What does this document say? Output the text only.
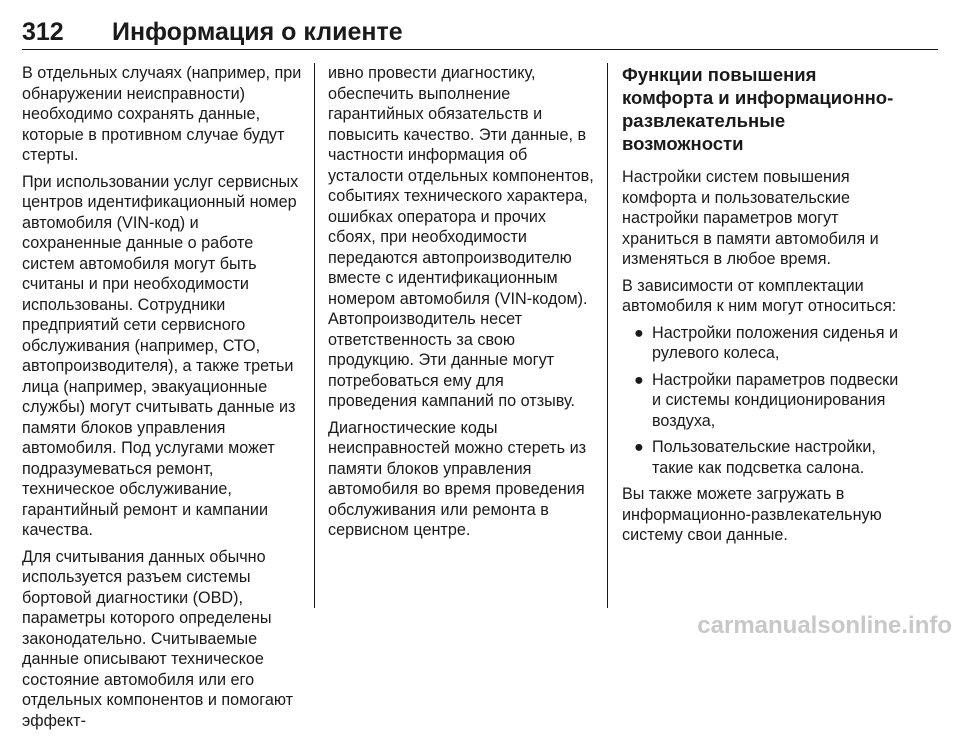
312 Информация о клиенте

В отдельных случаях (например, при обнаружении неисправности) необходимо сохранять данные, которые в противном случае будут стерты.

При использовании услуг сервисных центров идентификационный номер автомобиля (VIN-код) и сохраненные данные о работе систем автомобиля могут быть считаны и при необходимости использованы. Сотрудники предприятий сети сервисного обслуживания (например, СТО, автопроизводителя), а также третьи лица (например, эвакуационные службы) могут считывать данные из памяти блоков управления автомобиля. Под услугами может подразумеваться ремонт, техническое обслуживание, гарантийный ремонт и кампании качества.

Для считывания данных обычно используется разъем системы бортовой диагностики (OBD), параметры которого определены законодательно. Считываемые данные описывают техническое состояние автомобиля или его отдельных компонентов и помогают эффект-

ивно провести диагностику, обеспечить выполнение гарантийных обязательств и повысить качество. Эти данные, в частности информация об усталости отдельных компонентов, событиях технического характера, ошибках оператора и прочих сбоях, при необходимости передаются автопроизводителю вместе с идентификационным номером автомобиля (VIN-кодом). Автопроизводитель несет ответственность за свою продукцию. Эти данные могут потребоваться ему для проведения кампаний по отзыву.

Диагностические коды неисправностей можно стереть из памяти блоков управления автомобиля во время проведения обслуживания или ремонта в сервисном центре.

Функции повышения комфорта и информационно-развлекательные возможности

Настройки систем повышения комфорта и пользовательские настройки параметров могут храниться в памяти автомобиля и изменяться в любое время.

В зависимости от комплектации автомобиля к ним могут относиться:

● Настройки положения сиденья и рулевого колеса,
● Настройки параметров подвески и системы кондиционирования воздуха,
● Пользовательские настройки, такие как подсветка салона.

Вы также можете загружать в информационно-развлекательную систему свои данные.

carmanualsonline.info
